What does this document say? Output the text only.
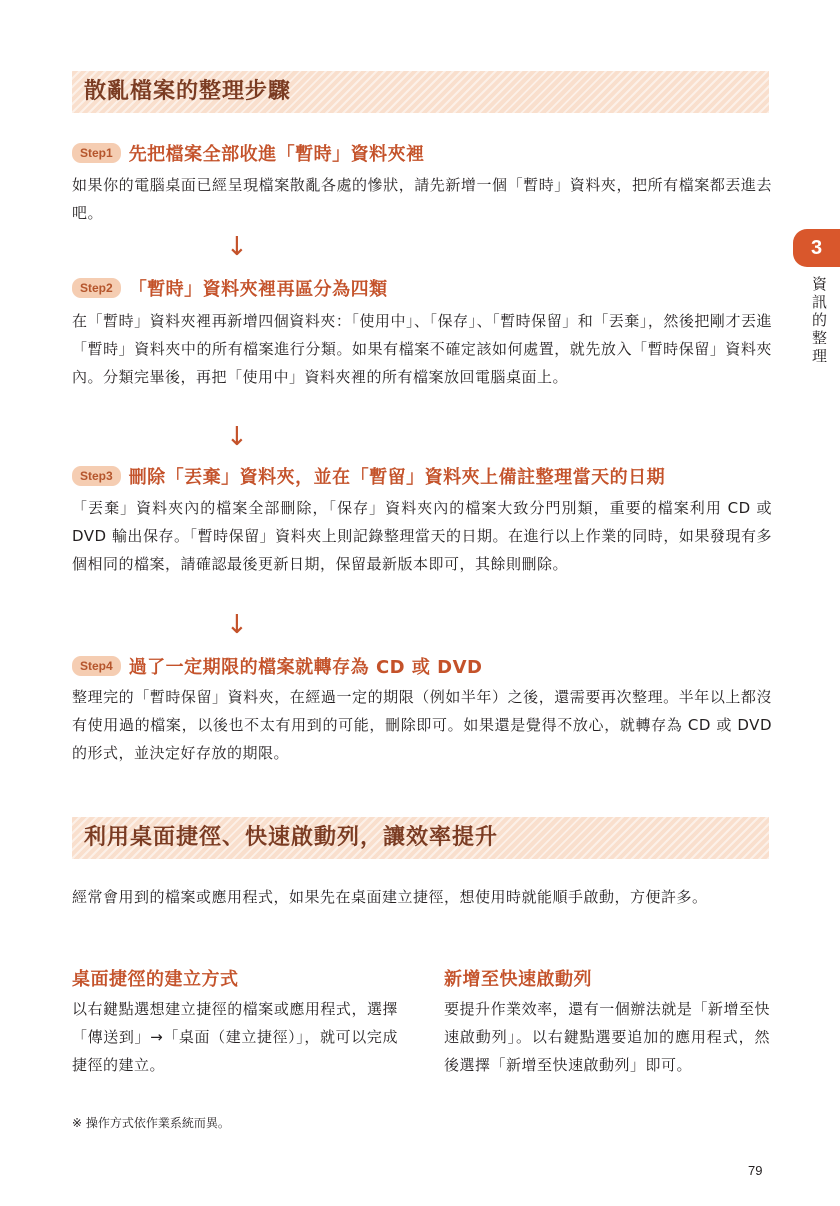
散亂檔案的整理步驟
Step1 先把檔案全部收進「暫時」資料夾裡

如果你的電腦桌面已經呈現檔案散亂各處的慘狀，請先新增一個「暫時」資料夾，把所有檔案都丟進去吧。

↓
Step2 「暫時」資料夾裡再區分為四類

在「暫時」資料夾裡再新增四個資料夾：「使用中」、「保存」、「暫時保留」和「丟棄」，然後把剛才丟進「暫時」資料夾中的所有檔案進行分類。如果有檔案不確定該如何處置，就先放入「暫時保留」資料夾內。分類完畢後，再把「使用中」資料夾裡的所有檔案放回電腦桌面上。

↓
Step3 刪除「丟棄」資料夾，並在「暫留」資料夾上備註整理當天的日期

「丟棄」資料夾內的檔案全部刪除，「保存」資料夾內的檔案大致分門別類，重要的檔案利用 CD 或 DVD 輸出保存。「暫時保留」資料夾上則記錄整理當天的日期。在進行以上作業的同時，如果發現有多個相同的檔案，請確認最後更新日期，保留最新版本即可，其餘則刪除。

↓
Step4 過了一定期限的檔案就轉存為 CD 或 DVD

整理完的「暫時保留」資料夾，在經過一定的期限（例如半年）之後，還需要再次整理。半年以上都沒有使用過的檔案，以後也不太有用到的可能，刪除即可。如果還是覺得不放心，就轉存為 CD 或 DVD 的形式，並決定好存放的期限。

利用桌面捷徑、快速啟動列，讓效率提升

經常會用到的檔案或應用程式，如果先在桌面建立捷徑，想使用時就能順手啟動，方便許多。

桌面捷徑的建立方式

以右鍵點選想建立捷徑的檔案或應用程式，選擇「傳送到」→「桌面（建立捷徑）」，就可以完成捷徑的建立。

新增至快速啟動列

要提升作業效率，還有一個辦法就是「新增至快速啟動列」。以右鍵點選要追加的應用程式，然後選擇「新增至快速啟動列」即可。

※ 操作方式依作業系統而異。
79
3
資訊的整理
